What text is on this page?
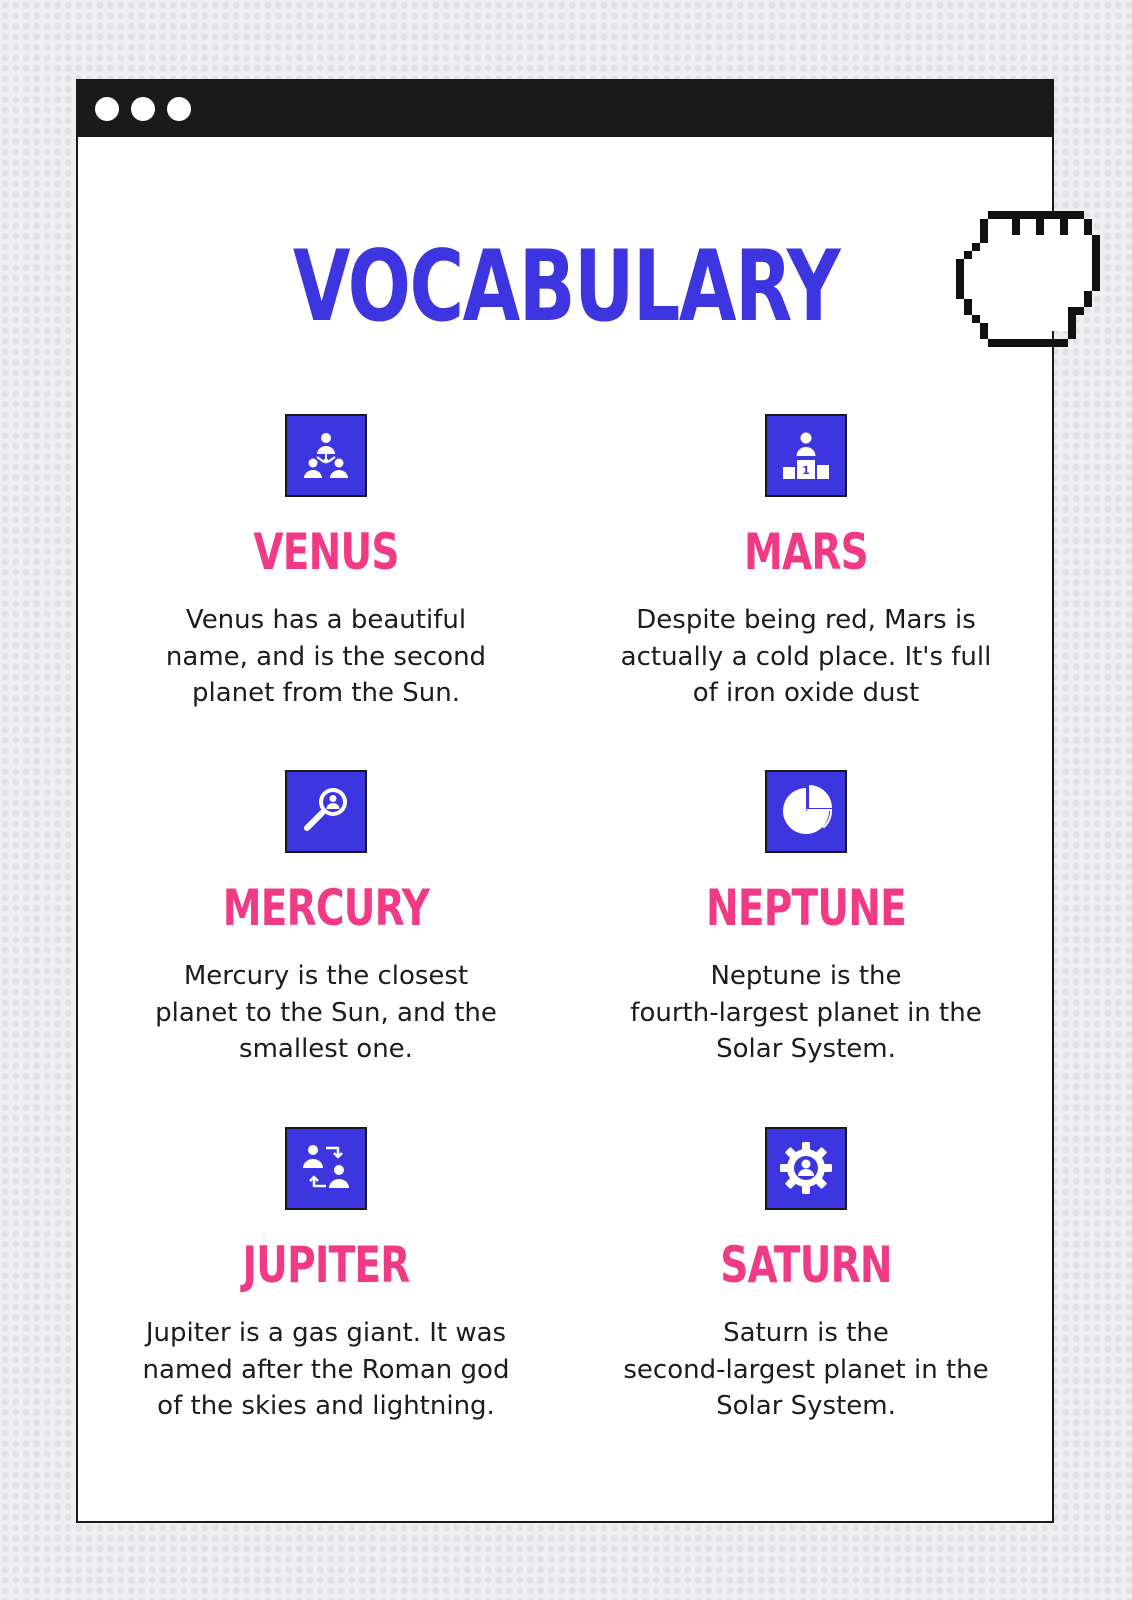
VOCABULARY
VENUS

Venus has a beautiful
name, and is the second
planet from the Sun.

1
MARS

Despite being red, Mars is
actually a cold place. It's full
of iron oxide dust

MERCURY

Mercury is the closest
planet to the Sun, and the
smallest one.

NEPTUNE

Neptune is the
fourth-largest planet in the
Solar System.

JUPITER

Jupiter is a gas giant. It was
named after the Roman god
of the skies and lightning.

SATURN

Saturn is the
second-largest planet in the
Solar System.
